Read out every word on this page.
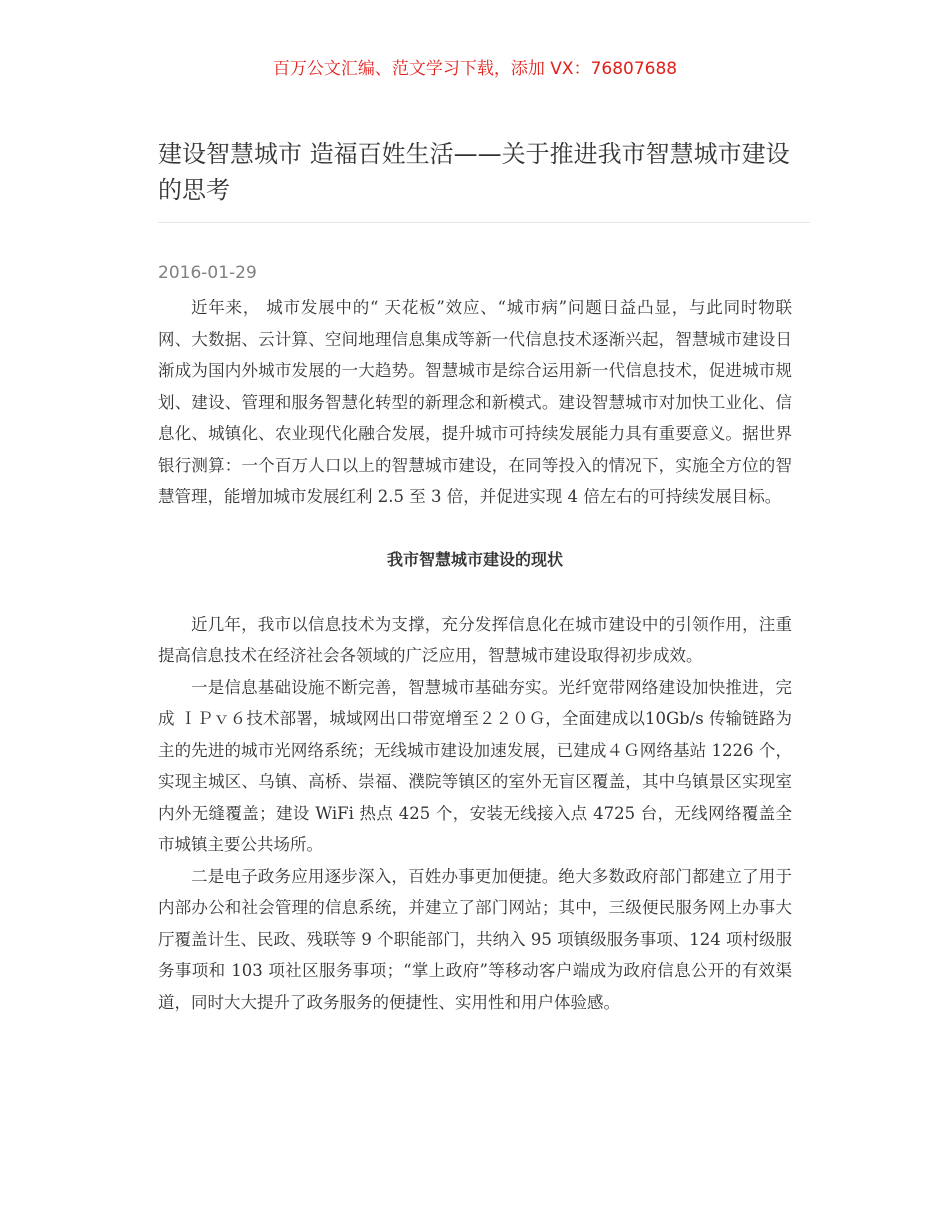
百万公文汇编、范文学习下载，添加 VX：76807688
建设智慧城市 造福百姓生活——关于推进我市智慧城市建设的思考
2016-01-29

近年来， 城市发展中的“ 天花板”效应、“城市病”问题日益凸显，与此同时物联网、大数据、云计算、空间地理信息集成等新一代信息技术逐渐兴起，智慧城市建设日渐成为国内外城市发展的一大趋势。智慧城市是综合运用新一代信息技术，促进城市规划、建设、管理和服务智慧化转型的新理念和新模式。建设智慧城市对加快工业化、信息化、城镇化、农业现代化融合发展，提升城市可持续发展能力具有重要意义。据世界银行测算：一个百万人口以上的智慧城市建设，在同等投入的情况下，实施全方位的智慧管理，能增加城市发展红利 2.5 至 3 倍，并促进实现 4 倍左右的可持续发展目标。

我市智慧城市建设的现状

近几年，我市以信息技术为支撑，充分发挥信息化在城市建设中的引领作用，注重提高信息技术在经济社会各领域的广泛应用，智慧城市建设取得初步成效。

一是信息基础设施不断完善，智慧城市基础夯实。光纤宽带网络建设加快推进，完成 ＩＰｖ６技术部署，城域网出口带宽增至２２０Ｇ，全面建成以10Gb/s 传输链路为主的先进的城市光网络系统；无线城市建设加速发展，已建成４Ｇ网络基站 1226 个，实现主城区、乌镇、高桥、崇福、濮院等镇区的室外无盲区覆盖，其中乌镇景区实现室内外无缝覆盖；建设 WiFi 热点 425 个，安装无线接入点 4725 台，无线网络覆盖全市城镇主要公共场所。

二是电子政务应用逐步深入，百姓办事更加便捷。绝大多数政府部门都建立了用于内部办公和社会管理的信息系统，并建立了部门网站；其中，三级便民服务网上办事大厅覆盖计生、民政、残联等 9 个职能部门，共纳入 95 项镇级服务事项、124 项村级服务事项和 103 项社区服务事项；“掌上政府”等移动客户端成为政府信息公开的有效渠道，同时大大提升了政务服务的便捷性、实用性和用户体验感。
